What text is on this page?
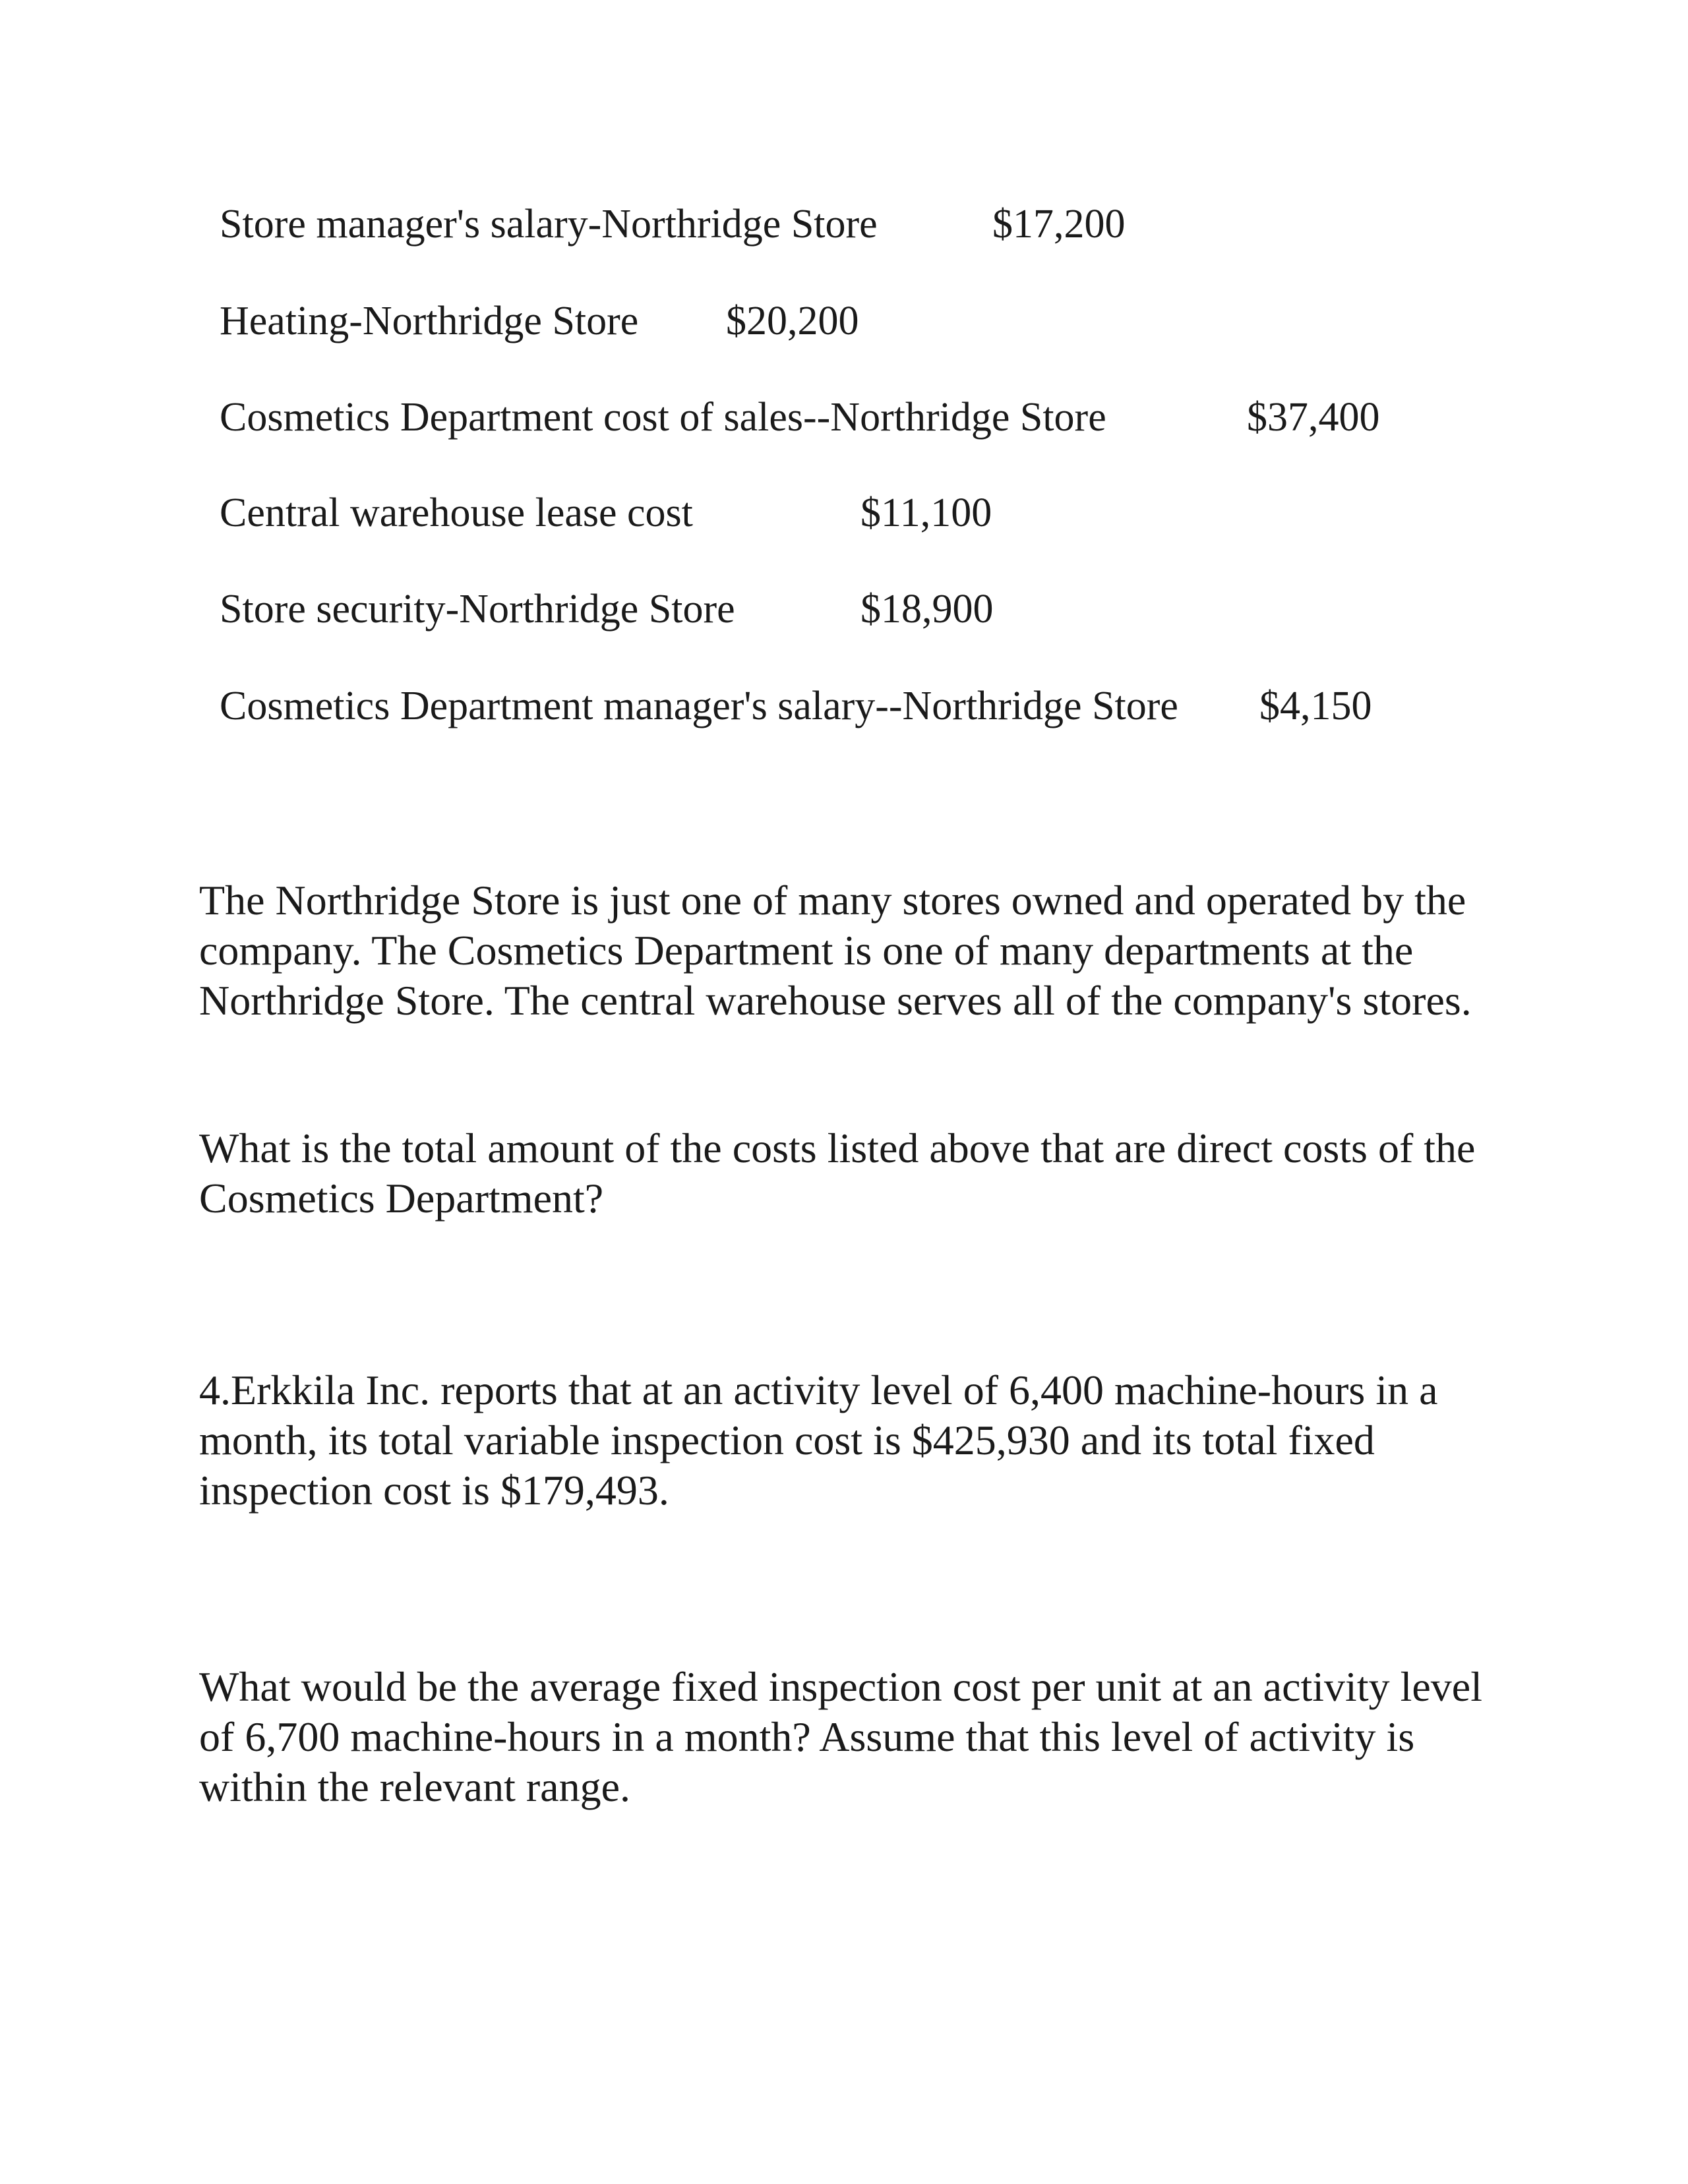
Store manager's salary-Northridge Store	$17,200
Heating-Northridge Store $20,200
Cosmetics Department cost of sales--Northridge Store	$37,400
Central warehouse lease cost	$11,100
Store security-Northridge Store	$18,900
Cosmetics Department manager's salary--Northridge Store $4,150

The Northridge Store is just one of many stores owned and operated by the company. The Cosmetics Department is one of many departments at the Northridge Store. The central warehouse serves all of the company's stores.

What is the total amount of the costs listed above that are direct costs of the Cosmetics Department?

4.Erkkila Inc. reports that at an activity level of 6,400 machine-hours in a month, its total variable inspection cost is $425,930 and its total fixed inspection cost is $179,493.

What would be the average fixed inspection cost per unit at an activity level of 6,700 machine-hours in a month? Assume that this level of activity is within the relevant range.
